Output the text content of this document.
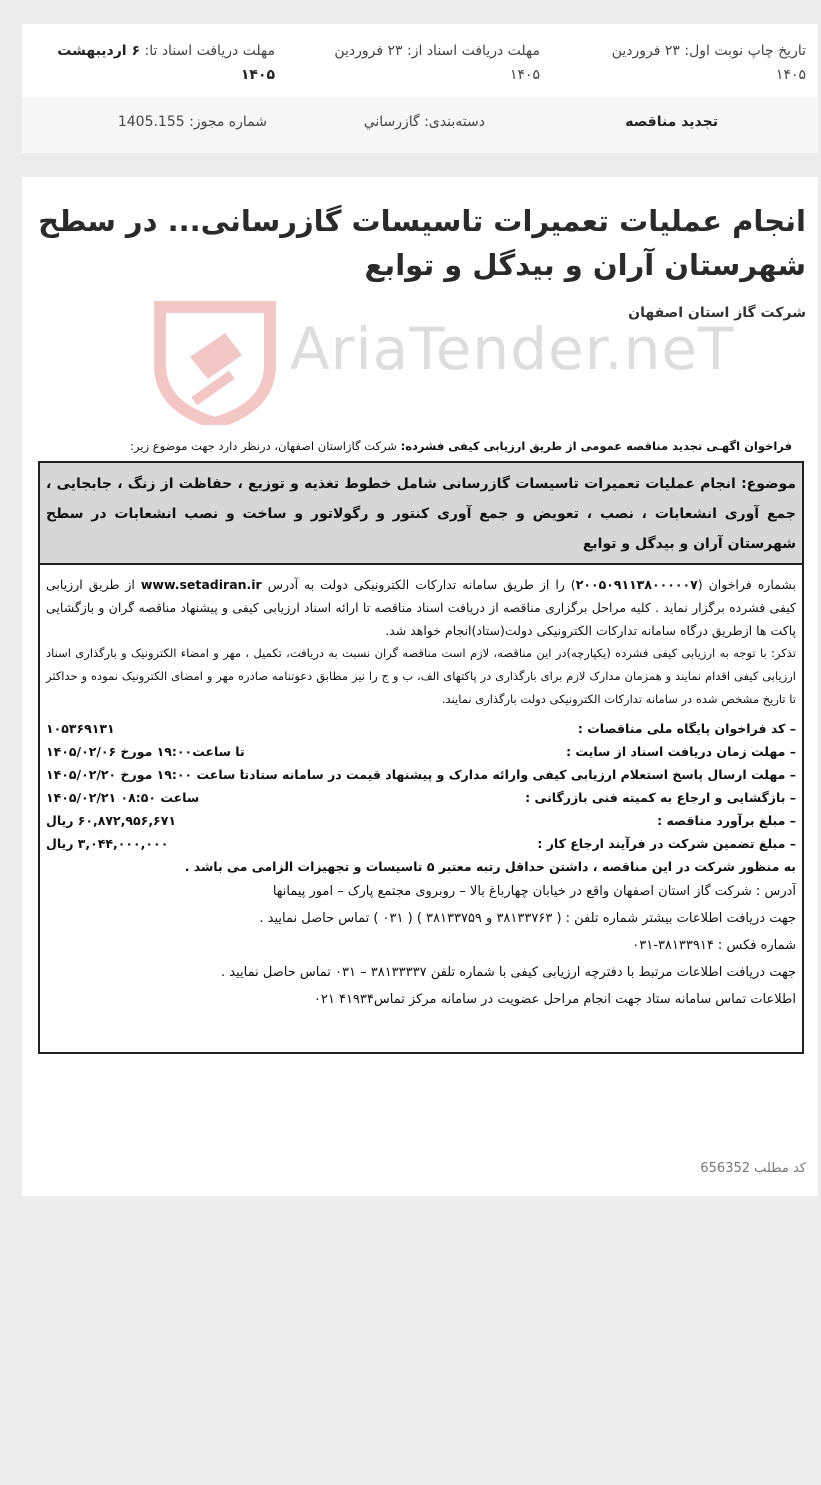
تاریخ چاپ نوبت اول: ۲۳ فروردین
۱۴۰۵
مهلت دریافت اسناد از: ۲۳ فروردین
۱۴۰۵
مهلت دریافت اسناد تا: ۶ اردیبهشت
۱۴۰۵
تجدید مناقصه
دسته‌بندی: گازرساني
شماره مجوز: 1405.155
انجام عملیات تعمیرات تاسیسات گازرسانی... در سطح شهرستان آران و بیدگل و توابع
شرکت گاز استان اصفهان
AriaTender.neT
فراخوان اگهـی تجدید مناقصه عمومی از طریق ارزیابی کیفی فشرده: شرکت گازاستان اصفهان، درنظر دارد جهت موضوع زیر:
موضوع: انجام عملیات تعمیرات تاسیسات گازرسانی شامل خطوط تغذیه و توزیع ، حفاظت از زنگ ، جابجایی ، جمع آوری انشعابات ، نصب ، تعویض و جمع آوری کنتور و رگولاتور و ساخت و نصب انشعابات در سطح شهرستان آران و بیدگل و توابع
بشماره فراخوان (۲۰۰۵۰۹۱۱۳۸۰۰۰۰۰۷) را از طریق سامانه تدارکات الکترونیکی دولت به آدرس www.setadiran.ir از طریق ارزیابی کیفی فشرده برگزار نماید . کلیه مراحل برگزاری مناقصه از دریافت اسناد مناقصه تا ارائه اسناد ارزیابی کیفی و پیشنهاد مناقصه گران و بازگشایی پاکت ها ازطریق درگاه سامانه تدارکات الکترونیکی دولت(ستاد)انجام خواهد شد.
تذکر: با توجه به ارزیابی کیفی فشرده (یکپارچه)در این مناقصه، لازم است مناقصه گران نسبت به دریافت، تکمیل ، مهر و امضاء الکترونیک و بارگذاری اسناد ارزیابی کیفی اقدام نمایند و همزمان مدارک لازم برای بارگذاری در پاکتهای الف، ب و ج را نیز مطابق دعوتنامه صادره مهر و امضای الکترونیک نموده و حداکثر تا تاریخ مشخص شده در سامانه تدارکات الکترونیکی دولت بارگذاری نمایند.
– کد فراخوان پایگاه ملی مناقصات :
۱۰۵۳۶۹۱۳۱
– مهلت زمان دریافت اسناد از سایت :
تا ساعت۱۹:۰۰ مورخ ۱۴۰۵/۰۲/۰۶
– مهلت ارسال پاسخ استعلام ارزیابی کیفی وارائه مدارک و پیشنهاد قیمت در سامانه ستاد :
تا ساعت ۱۹:۰۰ مورخ ۱۴۰۵/۰۲/۲۰
– بازگشایی و ارجاع به کمیته فنی بازرگانی :
ساعت ۰۸:۵۰ ۱۴۰۵/۰۲/۲۱
– مبلغ برآورد مناقصه :
۶۰,۸۷۲,۹۵۶,۶۷۱ ریال
– مبلغ تضمین شرکت در فرآیند ارجاع کار :
۳,۰۴۴,۰۰۰,۰۰۰ ریال
به منظور شرکت در این مناقصه ، داشتن حداقل رتبه معتبر ۵ تاسیسات و تجهیزات الزامی می باشد .
آدرس : شرکت گاز استان اصفهان واقع در خیابان چهارباغ بالا – روبروی مجتمع پارک – امور پیمانها
جهت دریافت اطلاعات بیشتر شماره تلفن : ( ۳۸۱۳۳۷۶۳ و ۳۸۱۳۳۷۵۹ ) ( ۰۳۱ ) تماس حاصل نمایید .
شماره فکس : ۳۸۱۳۳۹۱۴-۰۳۱
جهت دریافت اطلاعات مرتبط با دفترچه ارزیابی کیفی با شماره تلفن ۳۸۱۳۳۳۳۷ – ۰۳۱ تماس حاصل نمایید .
اطلاعات تماس سامانه ستاد جهت انجام مراحل عضویت در سامانه مرکز تماس۴۱۹۳۴ ۰۲۱
کد مطلب 656352
